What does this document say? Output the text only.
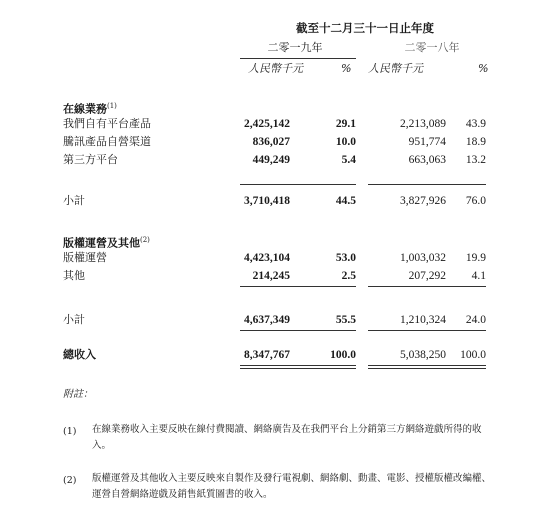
截至十二月三十一日止年度
二零一九年	二零一八年
人民幣千元	% 人民幣千元	%
在線業務$^{(1)}$
我們自有平台產品	2,425,142	29.1	2,213,089	43.9
騰訊產品自營渠道	836,027	10.0	951,774	18.9
第三方平台	449,249	5.4	663,063	13.2
小計	3,710,418	44.5	3,827,926	76.0
版權運營及其他$^{(2)}$
版權運營	4,423,104	53.0	1,003,032	19.9
其他	214,245	2.5	207,292	4.1
小計	4,637,349	55.5	1,210,324	24.0
總收入	8,347,767	100.0	5,038,250	100.0
附註：
(1) 在線業務收入主要反映在線付費閱讀、網絡廣告及在我們平台上分銷第三方網絡遊戲所得的收入。
(2) 版權運營及其他收入主要反映來自製作及發行電視劇、網絡劇、動畫、電影、授權版權改編權、運營自營網絡遊戲及銷售紙質圖書的收入。
